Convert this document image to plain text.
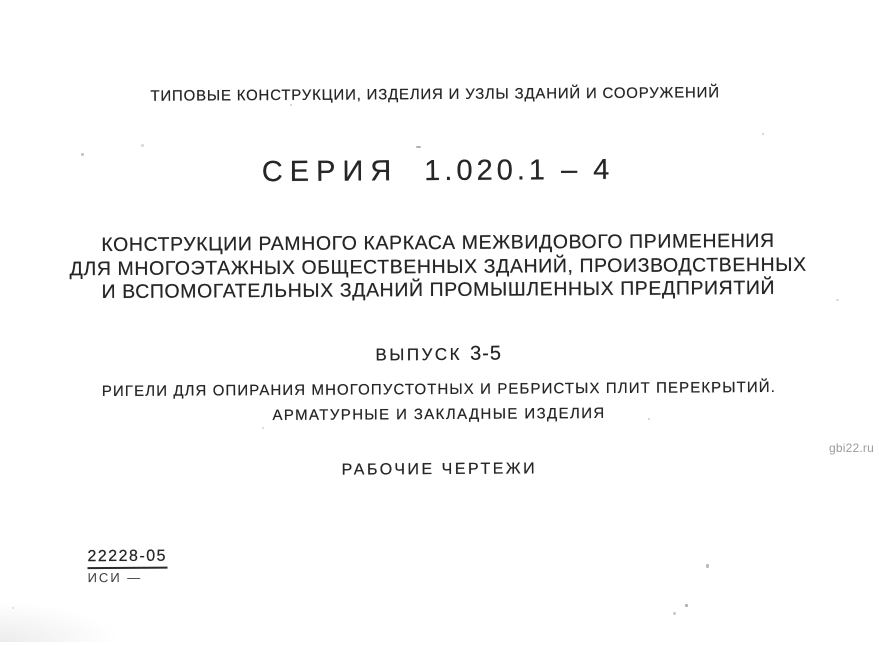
ТИПОВЫЕ КОНСТРУКЦИИ, ИЗДЕЛИЯ И УЗЛЫ ЗДАНИЙ И СООРУЖЕНИЙ
СЕРИЯ 1.020.1 – 4
КОНСТРУКЦИИ РАМНОГО КАРКАСА МЕЖВИДОВОГО ПРИМЕНЕНИЯ
ДЛЯ МНОГОЭТАЖНЫХ ОБЩЕСТВЕННЫХ ЗДАНИЙ, ПРОИЗВОДСТВЕННЫХ
И ВСПОМОГАТЕЛЬНЫХ ЗДАНИЙ ПРОМЫШЛЕННЫХ ПРЕДПРИЯТИЙ
ВЫПУСК 3-5
РИГЕЛИ ДЛЯ ОПИРАНИЯ МНОГОПУСТОТНЫХ И РЕБРИСТЫХ ПЛИТ ПЕРЕКРЫТИЙ.
АРМАТУРНЫЕ И ЗАКЛАДНЫЕ ИЗДЕЛИЯ
РАБОЧИЕ ЧЕРТЕЖИ
22228-05
ИСИ —
gbi22.ru
